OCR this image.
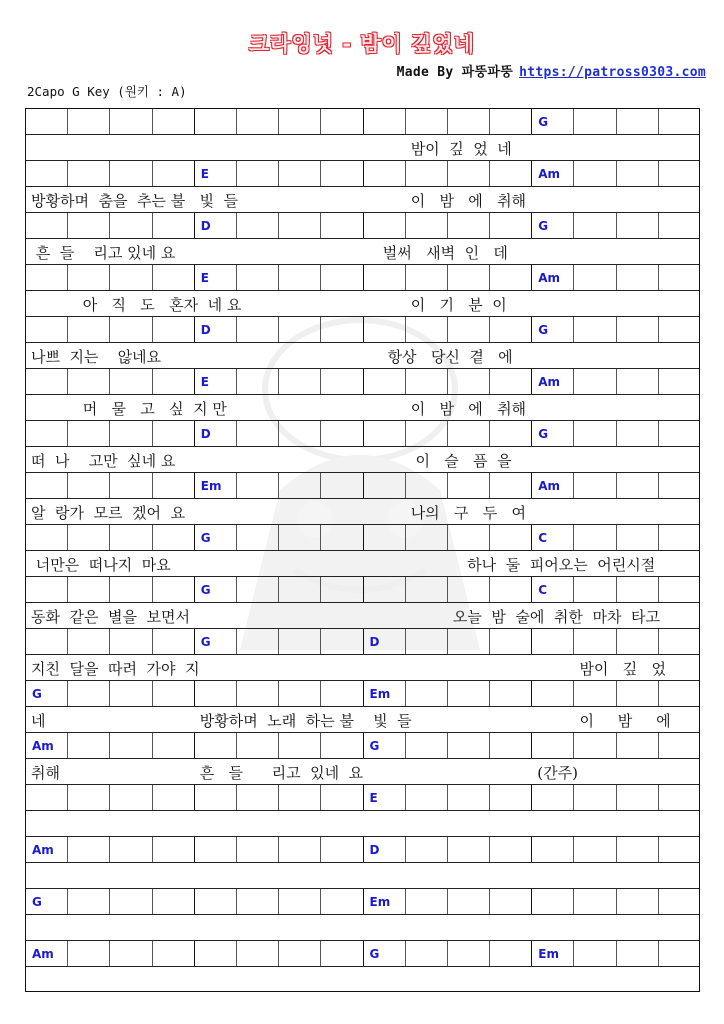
크라잉넛 - 밤이 깊었네
Made By 파뚱파뚱 https://patross0303.com
2Capo G Key (원키 : A)
G
밤이  깊  었  네
E	Am
방황하며  춤을  추는 불   빛  들	이   밤   에   취해
D	G
흔  들    리고 있네 요	벌써   새벽  인   데
E	Am
아   직   도   혼자  네 요	이   기   분  이
D	G
나쁘  지는    않네요	항상   당신  곁   에
E	Am
머   물   고   싶  지 만	이   밤   에   취해
D	G
떠  나    고만  싶네 요	이   슬   픔  을
Em	Am
알  랑가  모르  겠어  요	나의   구   두   여
G	C
너만은  떠나지  마요	하나  둘  피어오는  어린시절
G	C
동화  같은  별을  보면서	오늘  밤  술에  취한  마차  타고
G	D
지친  달을  따려  가야  지	밤이   깊   었
G	Em
네	방황하며  노래  하는 불    빛  들	이     밤     에
Am	G
취해	흔   들      리고  있네  요	(간주)
E
Am	D
G	Em
Am	G	Em
